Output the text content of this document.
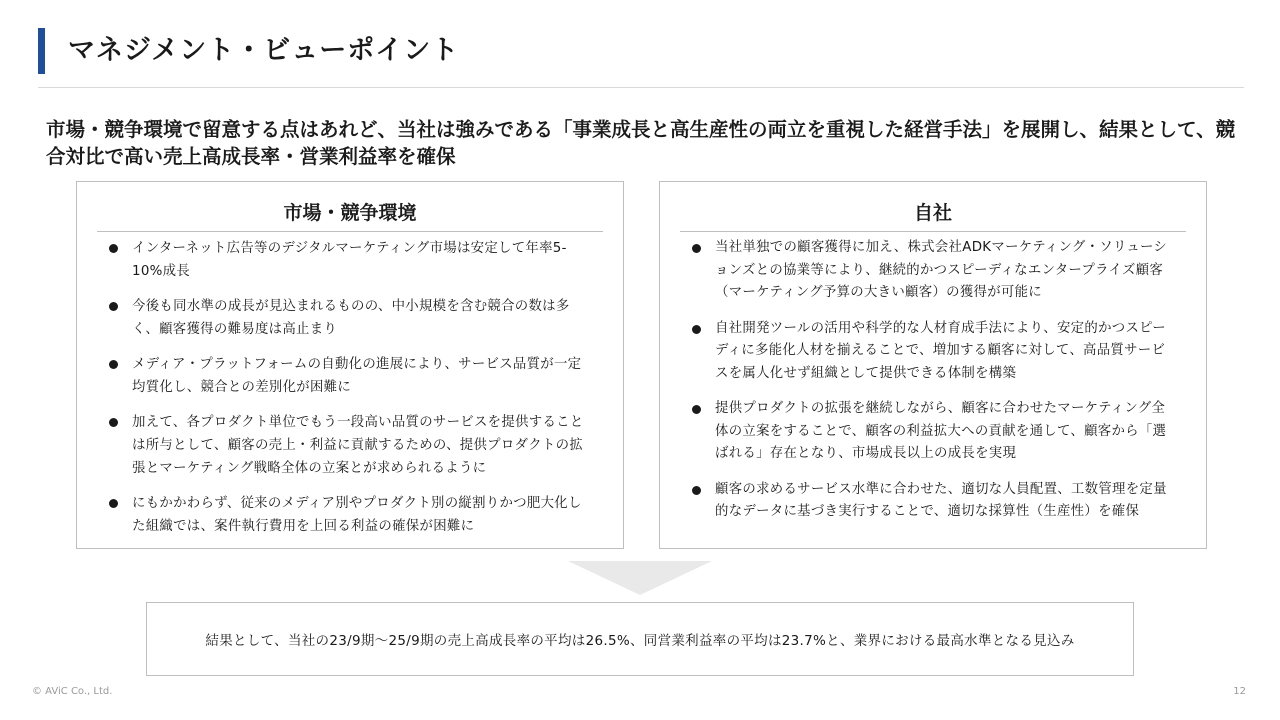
マネジメント・ビューポイント

市場・競争環境で留意する点はあれど、当社は強みである「事業成長と高生産性の両立を重視した経営手法」を展開し、結果として、競合対比で高い売上高成長率・営業利益率を確保

市場・競争環境
インターネット広告等のデジタルマーケティング市場は安定して年率5-10%成長
今後も同水準の成長が見込まれるものの、中小規模を含む競合の数は多く、顧客獲得の難易度は高止まり
メディア・プラットフォームの自動化の進展により、サービス品質が一定均質化し、競合との差別化が困難に
加えて、各プロダクト単位でもう一段高い品質のサービスを提供することは所与として、顧客の売上・利益に貢献するための、提供プロダクトの拡張とマーケティング戦略全体の立案とが求められるように
にもかかわらず、従来のメディア別やプロダクト別の縦割りかつ肥大化した組織では、案件執行費用を上回る利益の確保が困難に
自社
当社単独での顧客獲得に加え、株式会社ADKマーケティング・ソリューションズとの協業等により、継続的かつスピーディなエンタープライズ顧客（マーケティング予算の大きい顧客）の獲得が可能に
自社開発ツールの活用や科学的な人材育成手法により、安定的かつスピーディに多能化人材を揃えることで、増加する顧客に対して、高品質サービスを属人化せず組織として提供できる体制を構築
提供プロダクトの拡張を継続しながら、顧客に合わせたマーケティング全体の立案をすることで、顧客の利益拡大への貢献を通して、顧客から「選ばれる」存在となり、市場成長以上の成長を実現
顧客の求めるサービス水準に合わせた、適切な人員配置、工数管理を定量的なデータに基づき実行することで、適切な採算性（生産性）を確保

結果として、当社の23/9期〜25/9期の売上高成長率の平均は26.5%、同営業利益率の平均は23.7%と、業界における最高水準となる見込み

© AViC Co., Ltd.	12
